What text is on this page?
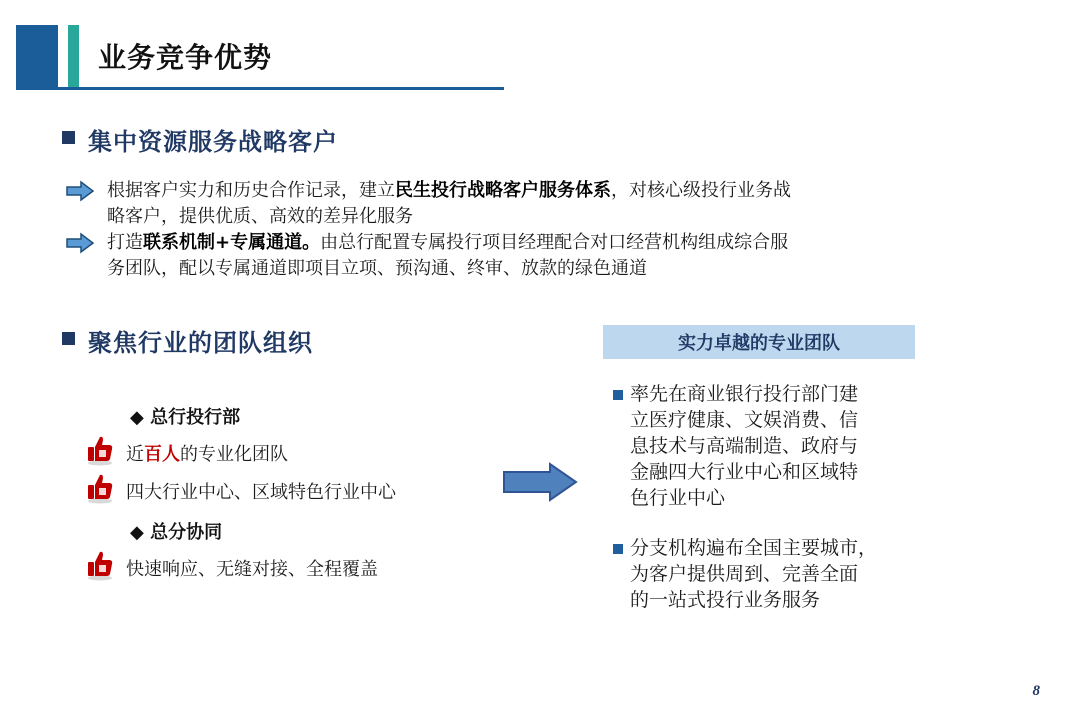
业务竞争优势
集中资源服务战略客户
根据客户实力和历史合作记录，建立民生投行战略客户服务体系，对核心级投行业务战
略客户，提供优质、高效的差异化服务
打造联系机制+专属通道。由总行配置专属投行项目经理配合对口经营机构组成综合服
务团队，配以专属通道即项目立项、预沟通、终审、放款的绿色通道
聚焦行业的团队组织
◆ 总行投行部
近百人的专业化团队
四大行业中心、区域特色行业中心
◆ 总分协同
快速响应、无缝对接、全程覆盖
实力卓越的专业团队
率先在商业银行投行部门建
立医疗健康、文娱消费、信
息技术与高端制造、政府与
金融四大行业中心和区域特
色行业中心
分支机构遍布全国主要城市，
为客户提供周到、完善全面
的一站式投行业务服务
8
